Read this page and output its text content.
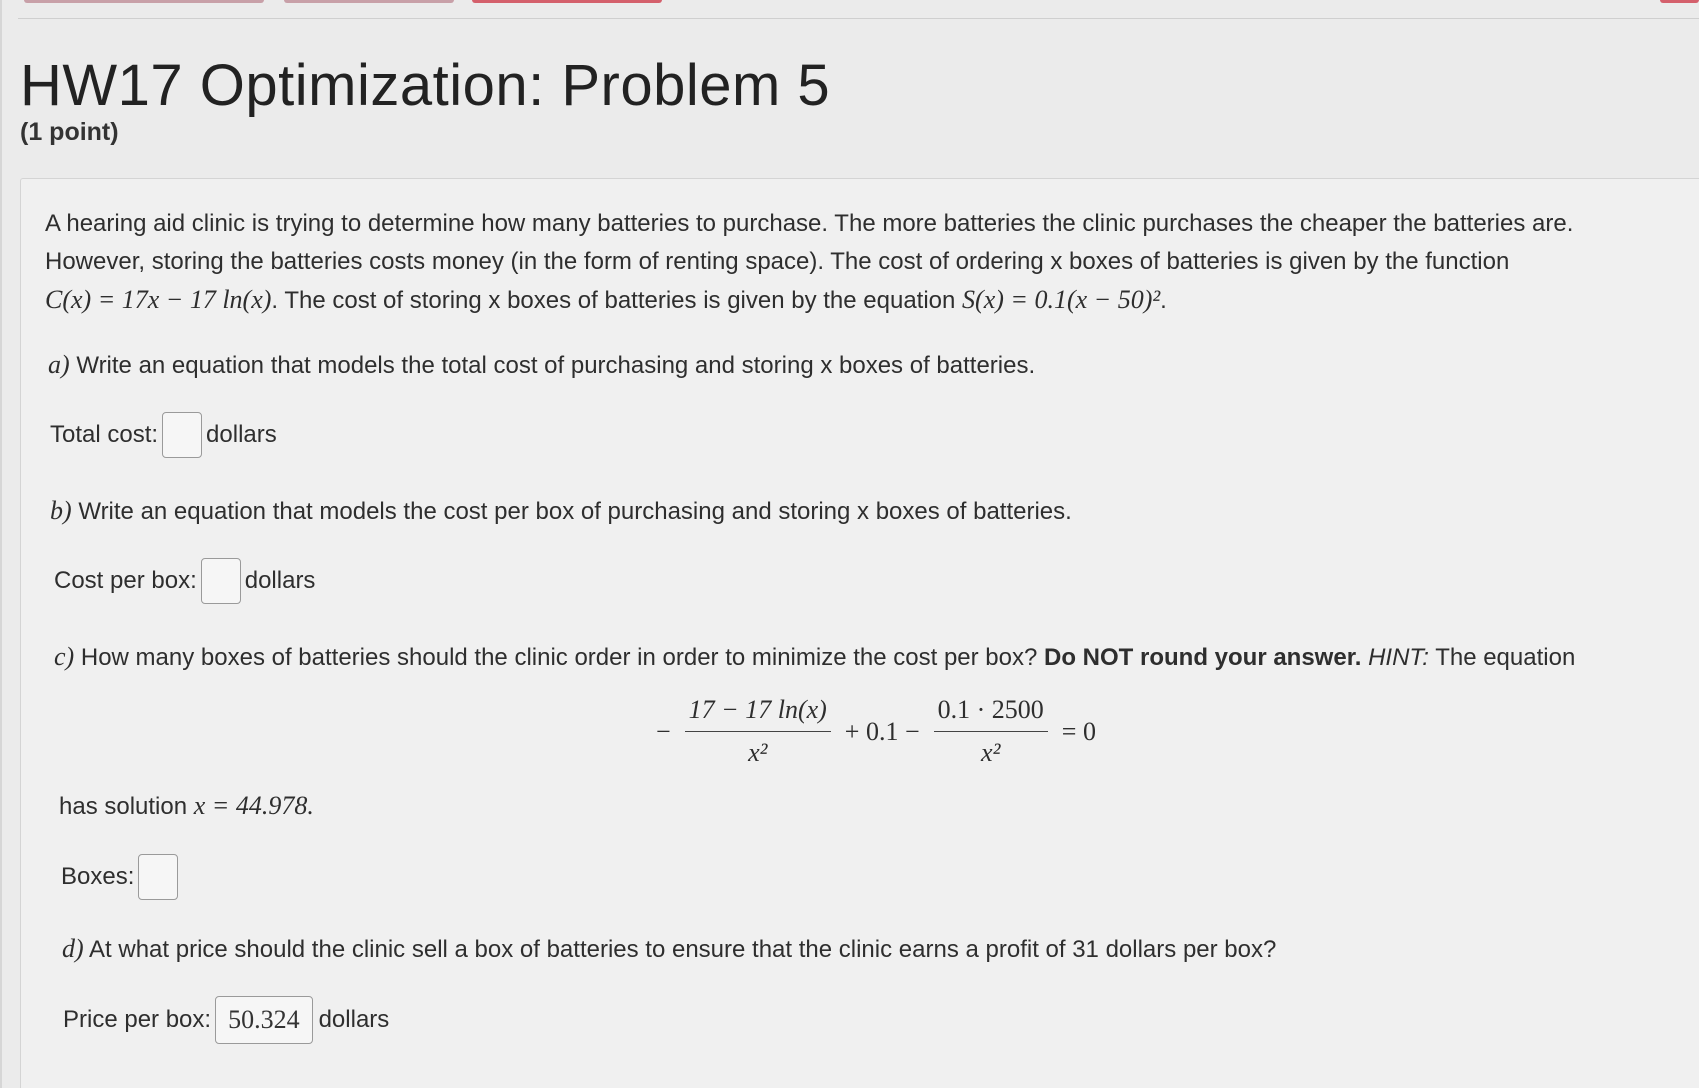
HW17 Optimization: Problem 5
(1 point)
A hearing aid clinic is trying to determine how many batteries to purchase. The more batteries the clinic purchases the cheaper the batteries are.
However, storing the batteries costs money (in the form of renting space). The cost of ordering x boxes of batteries is given by the function
C(x) = 17x − 17 ln(x). The cost of storing x boxes of batteries is given by the equation S(x) = 0.1(x − 50)².
a) Write an equation that models the total cost of purchasing and storing x boxes of batteries.
Total cost: dollars
b) Write an equation that models the cost per box of purchasing and storing x boxes of batteries.
Cost per box: dollars
c) How many boxes of batteries should the clinic order in order to minimize the cost per box? Do NOT round your answer. HINT: The equation
− $\frac{17 - 17 \ln(x)}{\text{x²}} + 0.1 - \frac{0.1 \cdot 2500}{\text{x²}} = 0$
has solution x = 44.978.
Boxes:
d) At what price should the clinic sell a box of batteries to ensure that the clinic earns a profit of 31 dollars per box?
Price per box: 50.324 dollars
